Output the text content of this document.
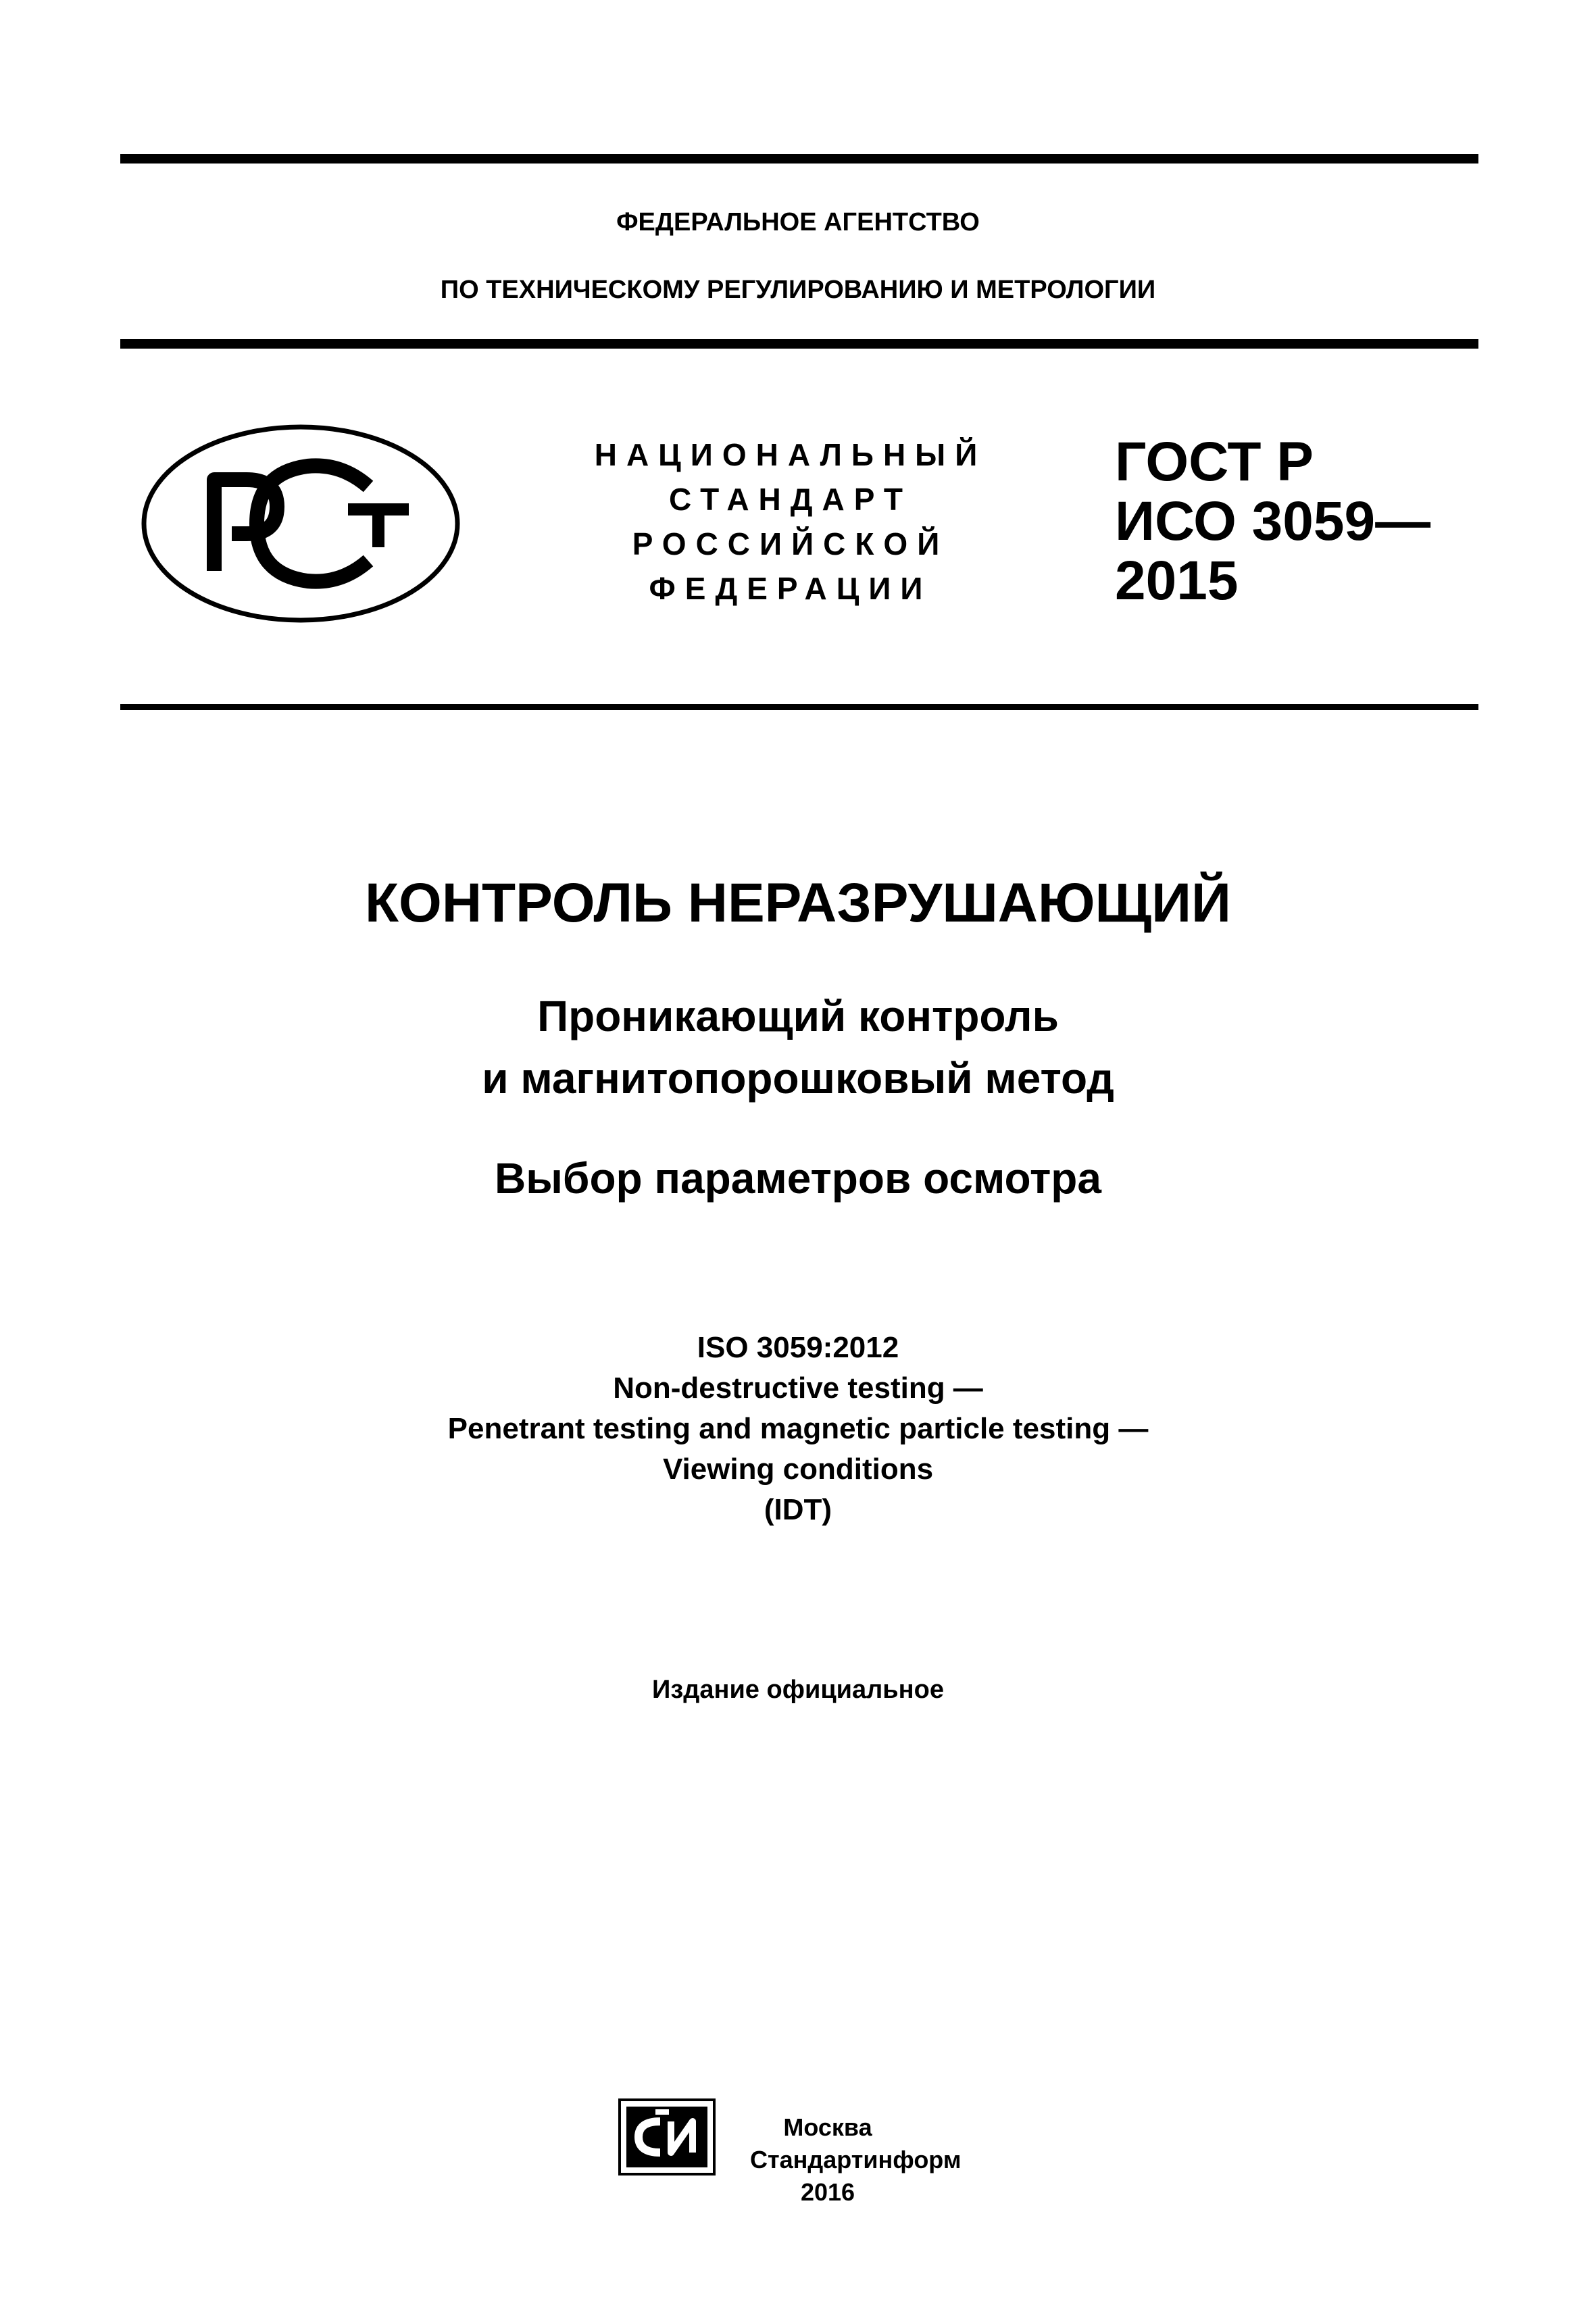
ФЕДЕРАЛЬНОЕ АГЕНТСТВО
ПО ТЕХНИЧЕСКОМУ РЕГУЛИРОВАНИЮ И МЕТРОЛОГИИ
НАЦИОНАЛЬНЫЙ
СТАНДАРТ
РОССИЙСКОЙ
ФЕДЕРАЦИИ
ГОСТ Р
ИСО 3059—
2015
КОНТРОЛЬ НЕРАЗРУШАЮЩИЙ
Проникающий контроль
и магнитопорошковый метод
Выбор параметров осмотра
ISO 3059:2012
Non-destructive testing —
Penetrant testing and magnetic particle testing —
Viewing conditions
(IDT)
Издание официальное
Москва
Стандартинформ
2016
